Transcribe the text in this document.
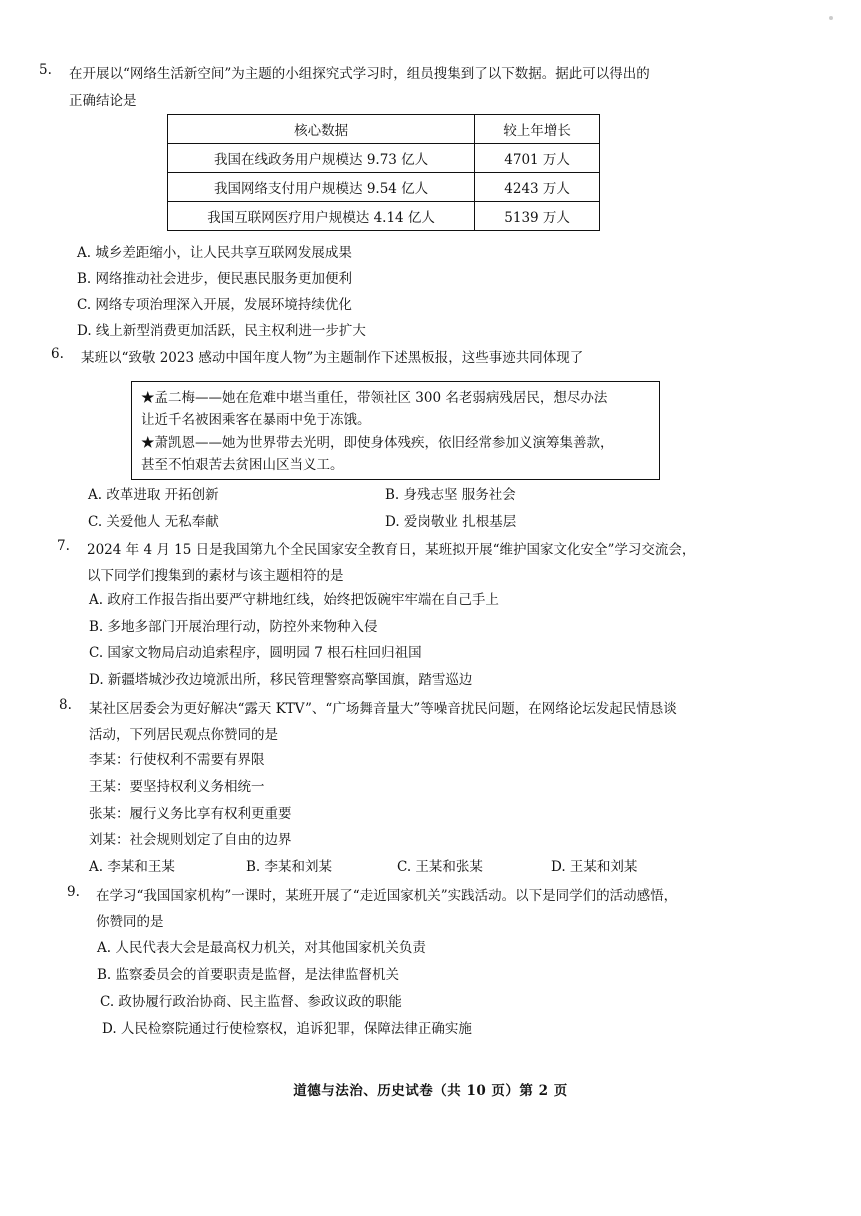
5. 在开展以“网络生活新空间”为主题的小组探究式学习时，组员搜集到了以下数据。据此可以得出的
正确结论是
核心数据	较上年增长
我国在线政务用户规模达 9.73 亿人	4701 万人
我国网络支付用户规模达 9.54 亿人	4243 万人
我国互联网医疗用户规模达 4.14 亿人	5139 万人
A. 城乡差距缩小，让人民共享互联网发展成果
B. 网络推动社会进步，便民惠民服务更加便利
C. 网络专项治理深入开展，发展环境持续优化
D. 线上新型消费更加活跃，民主权利进一步扩大
6. 某班以“致敬 2023 感动中国年度人物”为主题制作下述黑板报，这些事迹共同体现了
★孟二梅——她在危难中堪当重任，带领社区 300 名老弱病残居民，想尽办法
让近千名被困乘客在暴雨中免于冻饿。
★萧凯恩——她为世界带去光明，即使身体残疾，依旧经常参加义演筹集善款，
甚至不怕艰苦去贫困山区当义工。
A. 改革进取 开拓创新	B. 身残志坚 服务社会
C. 关爱他人 无私奉献	D. 爱岗敬业 扎根基层
7. 2024 年 4 月 15 日是我国第九个全民国家安全教育日，某班拟开展“维护国家文化安全”学习交流会，
以下同学们搜集到的素材与该主题相符的是
A. 政府工作报告指出要严守耕地红线，始终把饭碗牢牢端在自己手上
B. 多地多部门开展治理行动，防控外来物种入侵
C. 国家文物局启动追索程序，圆明园 7 根石柱回归祖国
D. 新疆塔城沙孜边境派出所，移民管理警察高擎国旗，踏雪巡边
8. 某社区居委会为更好解决“露天 KTV”、“广场舞音量大”等噪音扰民问题，在网络论坛发起民情恳谈
活动，下列居民观点你赞同的是
李某：行使权利不需要有界限
王某：要坚持权利义务相统一
张某：履行义务比享有权利更重要
刘某：社会规则划定了自由的边界
A. 李某和王某	B. 李某和刘某	C. 王某和张某	D. 王某和刘某
9. 在学习“我国国家机构”一课时，某班开展了“走近国家机关”实践活动。以下是同学们的活动感悟，
你赞同的是
A. 人民代表大会是最高权力机关，对其他国家机关负责
B. 监察委员会的首要职责是监督，是法律监督机关
C. 政协履行政治协商、民主监督、参政议政的职能
D. 人民检察院通过行使检察权，追诉犯罪，保障法律正确实施
道德与法治、历史试卷（共 10 页）第 2 页
